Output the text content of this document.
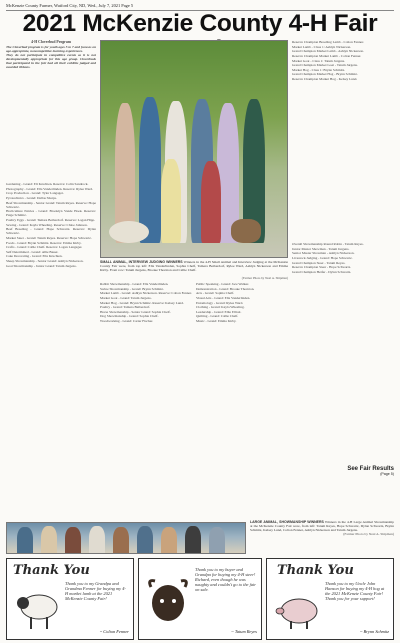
McKenzie County Farmer, Watford City, ND, Wed., July 7, 2021 Page 5
2021 McKenzie County 4-H Fair

4-H Cloverbud Program

The Cloverbud program is for youth ages 5 to 7 and focuses on age-appropriate, noncompetitive learning experiences.

They do not participate in competitive events as it is not developmentally appropriate for this age group. Cloverbuds that participated in the fair had all their exhibits judged and awarded ribbons.

Gardening - Grand: Eli Kruchten. Reserve: Colin Sandrock.

Photography - Grand: Ella Vanderlinden. Reserve: Rylee Ward.

Crop Production - Grand: Tyler Langager.

Pyrotechnics - Grand: Dallas Sharps.

Beef Showmanship - Senior Grand: Tatum Reyes. Reserve: Hope Schwartz.

Horticulture Entries - Grand: Brooklyn Vande Hoek. Reserve: Paige Schmitz.

Poultry Eggs - Grand: Tamara Beiberdorf. Reserve: Logan Hipp.

Sewing - Grand: Kayla Wheeling. Reserve: Chloe Johnson.

Beef Breeding - Grand: Hope Schwartz. Reserve: Dylan Schwartz.

Market Steer - Grand: Tatum Reyes. Reserve: Hope Schwartz.

Foods - Grand: Brynn Schmitz. Reserve: Emma Kirby.

Crafts - Grand: Callie Chelf. Reserve: Logan Langager.

Self Determined - Grand: Allie Bauer.

Cake Decorating - Grand: Ella Kruchten.

Sheep Showmanship - Senior Grand: Ashlyn Nickerson.

Goat Showmanship - Junior Grand: Tatum Jurgens.

SMALL ANIMAL, INTERVIEW JUDGING WINNERS Winners in the 4-H Small Animal and Interview Judging at the McKenzie County Fair were, from top left: Ella Vanderlinden, Sophia Chelf, Tamara Beiberdorf, Rylee Ward, Ashlyn Nickerson and Emma Kirby. Front row: Tatum Jurgens, Brooke Thornton and Callie Chelf.
(Farmer Photo by Neal A. Shipman)

Rabbit Showmanship - Grand: Ella Vanderlinden.

Swine Showmanship - Grand: Brynn Schmitz.

Market Lamb - Grand: Ashlyn Nickerson. Reserve: Colton Fenner.

Market Goat - Grand: Tatum Jurgens.

Market Hog - Grand: Brynn Schmitz. Reserve: Kelsey Lund.

Poultry - Grand: Tamara Beiberdorf.

Horse Showmanship - Senior Grand: Sophia Chelf.

Dog Showmanship - Grand: Sophia Chelf.

Woodworking - Grand: Carter Fischer.

Public Speaking - Grand: Jace Walker.

Demonstration - Grand: Brooke Thornton.

Arts - Grand: Sophia Chelf.

Visual Arts - Grand: Ella Vanderlinden.

Entomology - Grand: Rylee Ward.

Clothing - Grand: Kayla Wheeling.

Leadership - Grand: Ellie Elliott.

Quilting - Grand: Callie Chelf.

Music - Grand: Emma Kirby.

Reserve Champion Breeding Lamb - Colton Fenner.

Market Lamb - Class 1: Ashlyn Nickerson.

Grand Champion Market Lamb - Ashlyn Nickerson.

Reserve Champion Market Lamb - Colton Fenner.

Market Goat - Class 1: Tatum Jurgens.

Grand Champion Market Goat - Tatum Jurgens.

Market Hog - Class 1: Brynn Schmitz.

Grand Champion Market Hog - Brynn Schmitz.

Reserve Champion Market Hog - Kelsey Lund.

Overall Showmanship Round Robin - Tatum Reyes.

Junior Master Showman - Tatum Jurgens.

Senior Master Showman - Ashlyn Nickerson.

Livestock Judging - Grand: Hope Schwartz.

Grand Champion Steer - Tatum Reyes.

Reserve Champion Steer - Hope Schwartz.

Grand Champion Heifer - Dylan Schwartz.

See Fair Results
(Page 5)
LARGE ANIMAL, SHOWMANSHIP WINNERS Winners in the 4-H Large Animal Showmanship at the McKenzie County Fair were, from left: Tatum Reyes, Hope Schwartz, Dylan Schwartz, Brynn Schmitz, Kelsey Lund, Colton Fenner, Ashlyn Nickerson and Tatum Jurgens.
(Farmer Photo by Neal A. Shipman)
Thank You
Thank you to my Grandpa and Grandma Fenner for buying my 4-H market lamb at the 2021 McKenzie County Fair!
~ Colton Fenner
Thank you to my buyer and Grandpa for buying my 4-H steer! Richard, even though he was naughty and couldn't go to the fair on sale.
~ Tatum Reyes
Thank You
Thank you to my Uncle John Hanson for buying my 4-H hog at the 2021 McKenzie County Fair! Thank you for your support!
~ Brynn Schmitz
